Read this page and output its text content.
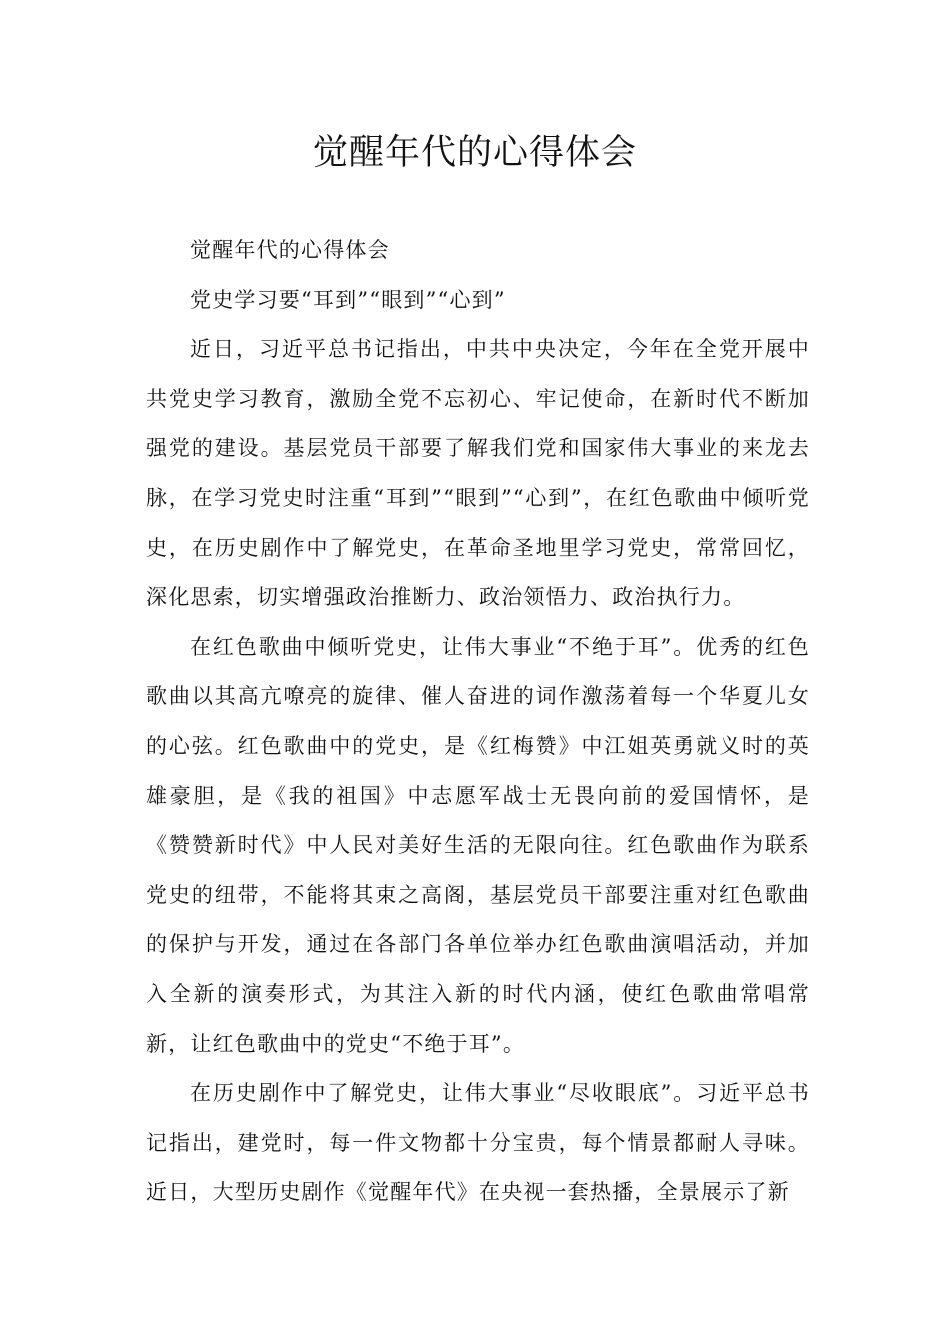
觉醒年代的心得体会

觉醒年代的心得体会

党史学习要“耳到”“眼到”“心到”

近日，习近平总书记指出，中共中央决定，今年在全党开展中共党史学习教育，激励全党不忘初心、牢记使命，在新时代不断加强党的建设。基层党员干部要了解我们党和国家伟大事业的来龙去脉，在学习党史时注重“耳到”“眼到”“心到”，在红色歌曲中倾听党史，在历史剧作中了解党史，在革命圣地里学习党史，常常回忆，深化思索，切实增强政治推断力、政治领悟力、政治执行力。

在红色歌曲中倾听党史，让伟大事业“不绝于耳”。优秀的红色歌曲以其高亢嘹亮的旋律、催人奋进的词作激荡着每一个华夏儿女的心弦。红色歌曲中的党史，是《红梅赞》中江姐英勇就义时的英雄豪胆，是《我的祖国》中志愿军战士无畏向前的爱国情怀，是《赞赞新时代》中人民对美好生活的无限向往。红色歌曲作为联系党史的纽带，不能将其束之高阁，基层党员干部要注重对红色歌曲的保护与开发，通过在各部门各单位举办红色歌曲演唱活动，并加入全新的演奏形式，为其注入新的时代内涵，使红色歌曲常唱常新，让红色歌曲中的党史“不绝于耳”。

在历史剧作中了解党史，让伟大事业“尽收眼底”。习近平总书记指出，建党时，每一件文物都十分宝贵，每个情景都耐人寻味。近日，大型历史剧作《觉醒年代》在央视一套热播，全景展示了新
